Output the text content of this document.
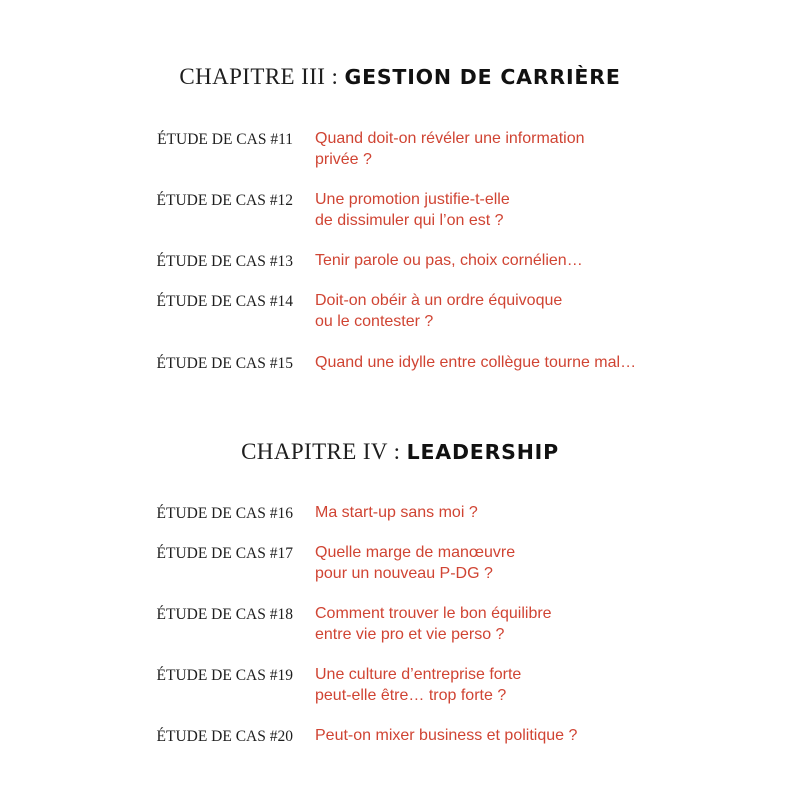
CHAPITRE III : GESTION DE CARRIÈRE
ÉTUDE DE CAS #11 Quand doit-on révéler une information
privée ?
ÉTUDE DE CAS #12 Une promotion justifie-t-elle
de dissimuler qui l’on est ?
ÉTUDE DE CAS #13 Tenir parole ou pas, choix cornélien…
ÉTUDE DE CAS #14 Doit-on obéir à un ordre équivoque
ou le contester ?
ÉTUDE DE CAS #15 Quand une idylle entre collègue tourne mal…
CHAPITRE IV : LEADERSHIP
ÉTUDE DE CAS #16 Ma start-up sans moi ?
ÉTUDE DE CAS #17 Quelle marge de manœuvre
pour un nouveau P-DG ?
ÉTUDE DE CAS #18 Comment trouver le bon équilibre
entre vie pro et vie perso ?
ÉTUDE DE CAS #19 Une culture d’entreprise forte
peut-elle être… trop forte ?
ÉTUDE DE CAS #20 Peut-on mixer business et politique ?
